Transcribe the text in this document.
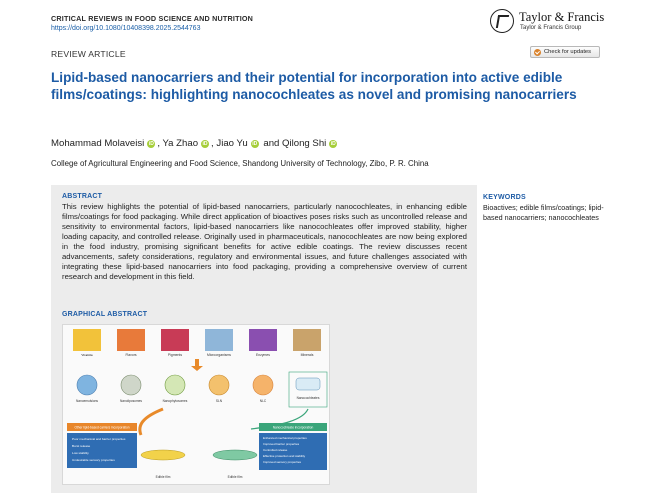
CRITICAL REVIEWS IN FOOD SCIENCE AND NUTRITION
https://doi.org/10.1080/10408398.2025.2544763
Taylor & Francis
Taylor & Francis Group
REVIEW ARTICLE	Check for updates
Lipid-based nanocarriers and their potential for incorporation into active edible films/coatings: highlighting nanocochleates as novel and promising nanocarriers
Mohammad Molaveisi iD , Ya Zhao iD , Jiao Yu iD and Qilong Shi iD
College of Agricultural Engineering and Food Science, Shandong University of Technology, Zibo, P. R. China
ABSTRACT
This review highlights the potential of lipid-based nanocarriers, particularly nanocochleates, in enhancing edible films/coatings for food packaging. While direct application of bioactives poses risks such as uncontrolled release and sensitivity to environmental factors, lipid-based nanocarriers like nanocochleates offer improved stability, higher loading capacity, and controlled release. Originally used in pharmaceuticals, nanocochleates are now being explored in the food industry, promising significant benefits for active edible coatings. The review discusses recent advancements, safety considerations, regulatory and environmental issues, and future challenges associated with integrating these lipid-based nanocarriers into food packaging, providing a comprehensive overview of current research and development in this field.
GRAPHICAL ABSTRACT
Vitamins	Flavors	Pigments	Microorganisms	Enzymes	Minerals
Nanoemulsions	Nanoliposomes	Nanophytosomes	SLN	NLC
Nanocochleates
Other lipid-based carriers incorporation
Poor mechanical and barrier properties
Burst release
Low stability
Undesirable sensory properties
Nanocochleate incorporation
Enhanced mechanical properties
Improved barrier properties
Controlled release
Effective protection and stability
Improved sensory properties
Edible film	Edible film
KEYWORDS
Bioactives; edible films/coatings; lipid-based nanocarriers; nanocochleates
